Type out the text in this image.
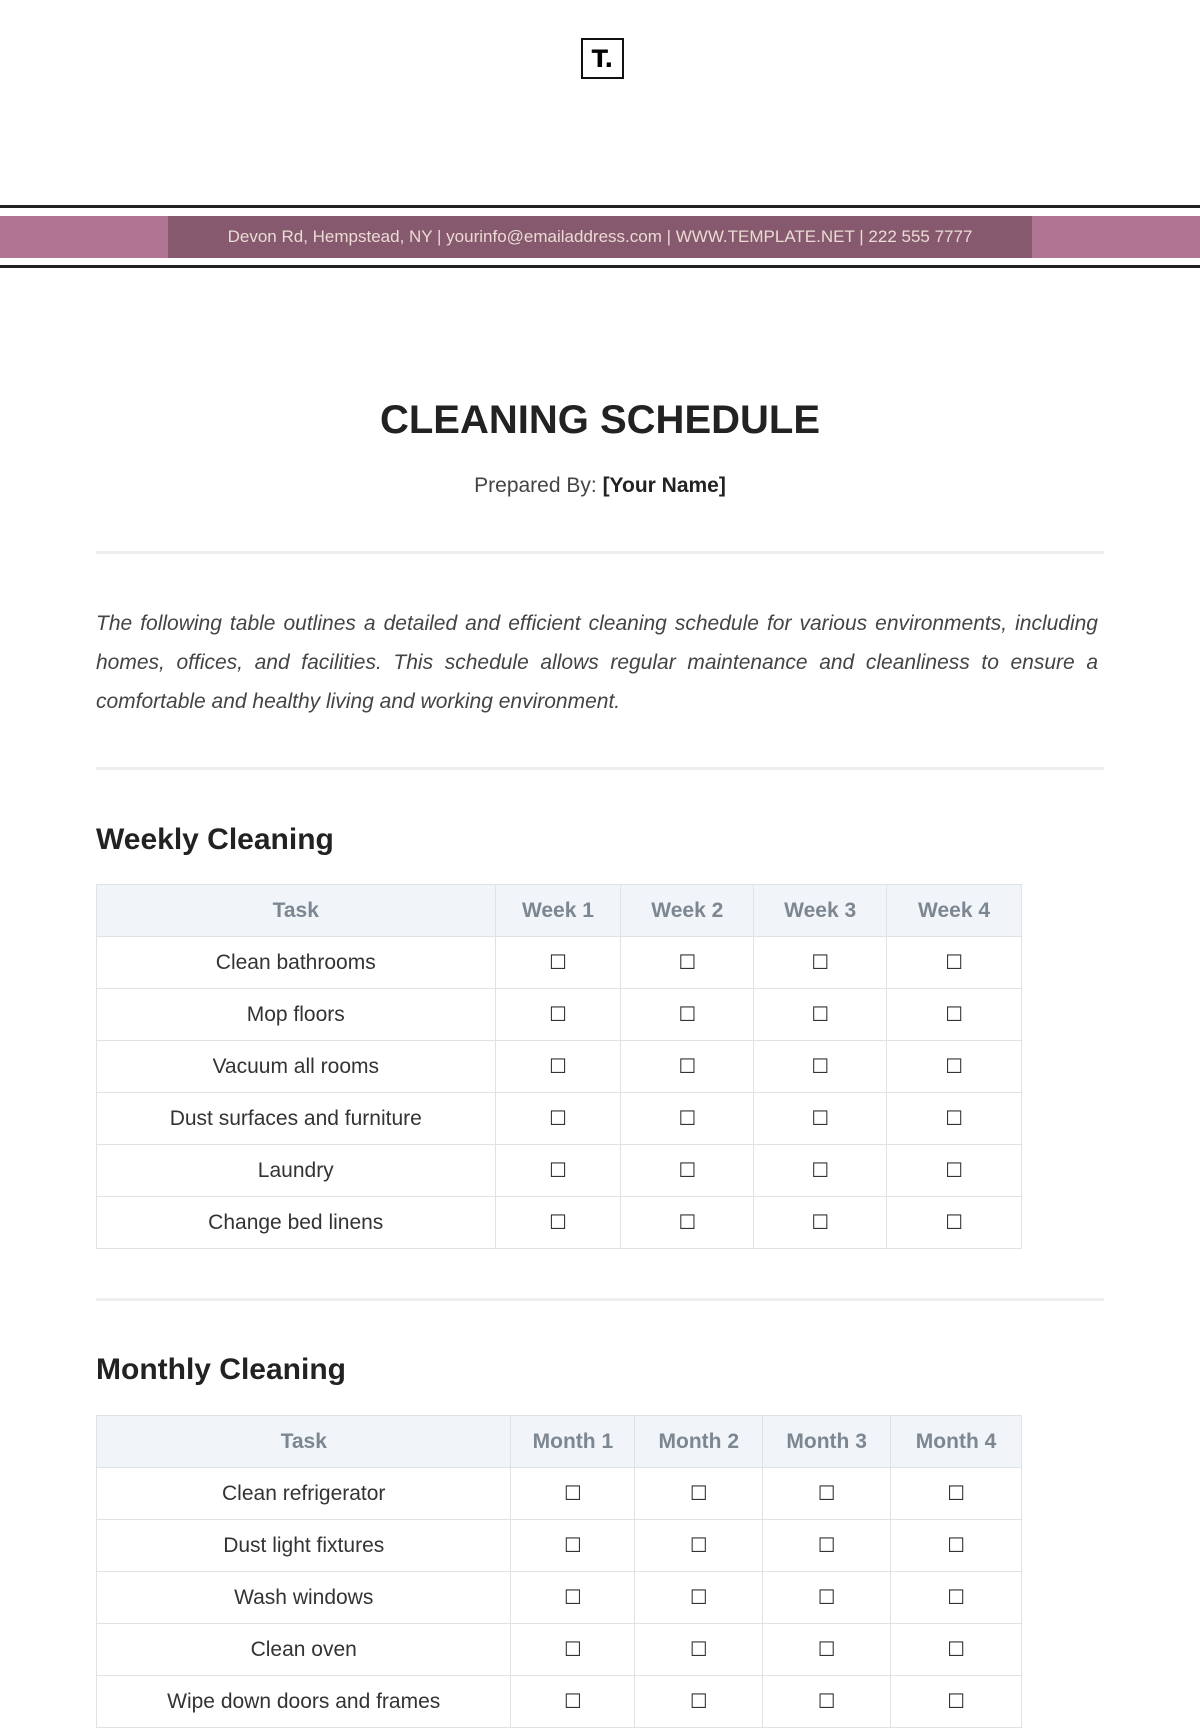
T.
Devon Rd, Hempstead, NY | yourinfo@emailaddress.com | WWW.TEMPLATE.NET | 222 555 7777
CLEANING SCHEDULE
Prepared By: [Your Name]
The following table outlines a detailed and efficient cleaning schedule for various environments, including homes, offices, and facilities. This schedule allows regular maintenance and cleanliness to ensure a comfortable and healthy living and working environment.
Weekly Cleaning
Task	Week 1	Week 2	Week 3	Week 4
Clean bathrooms	☐	☐	☐	☐
Mop floors	☐	☐	☐	☐
Vacuum all rooms	☐	☐	☐	☐
Dust surfaces and furniture	☐	☐	☐	☐
Laundry	☐	☐	☐	☐
Change bed linens	☐	☐	☐	☐
Monthly Cleaning
Task	Month 1	Month 2	Month 3	Month 4
Clean refrigerator	☐	☐	☐	☐
Dust light fixtures	☐	☐	☐	☐
Wash windows	☐	☐	☐	☐
Clean oven	☐	☐	☐	☐
Wipe down doors and frames	☐	☐	☐	☐
